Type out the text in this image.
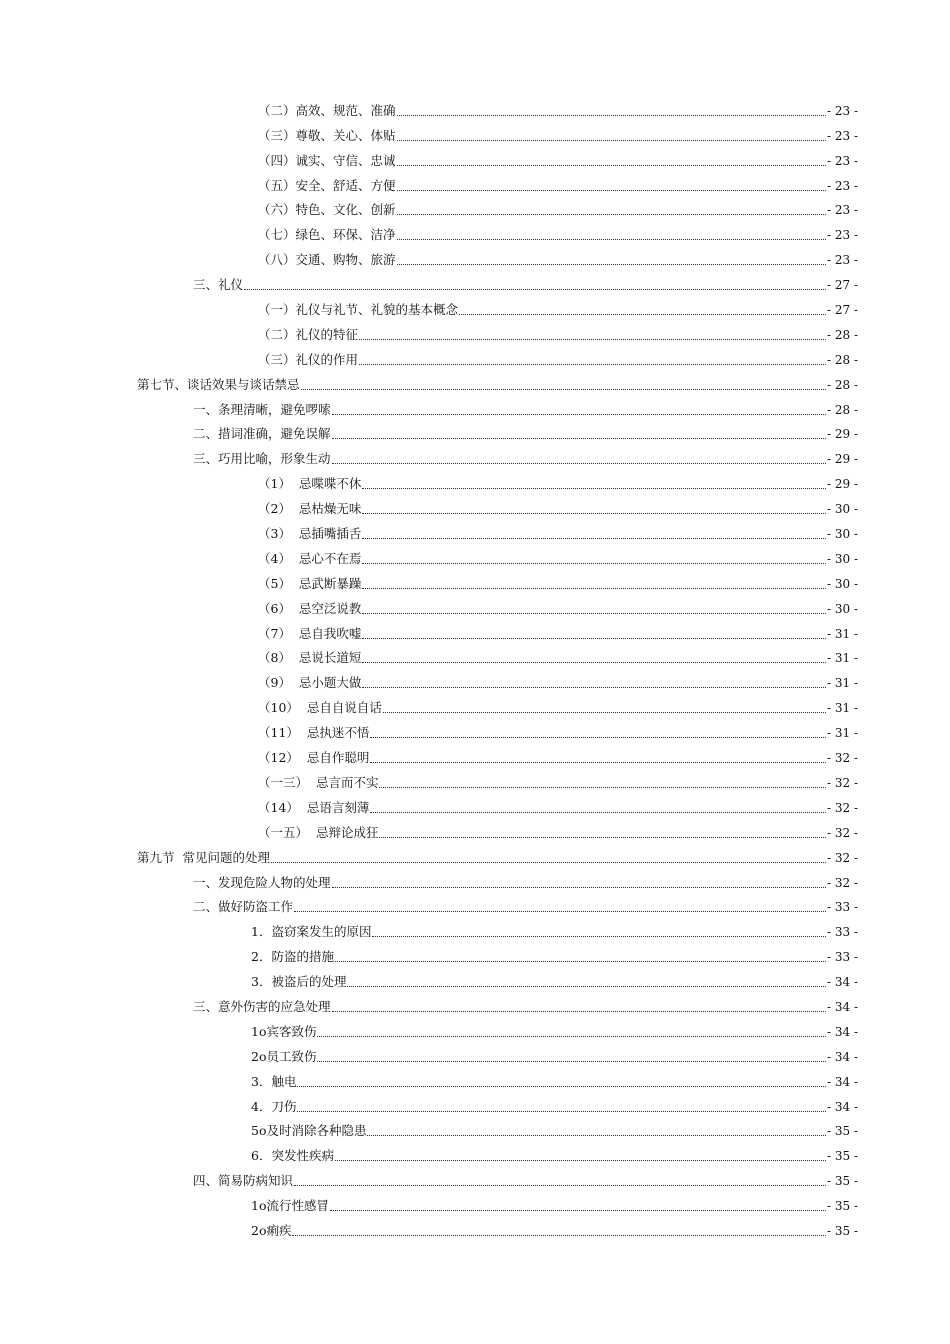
（二）高效、规范、准确	- 23 -
（三）尊敬、关心、体贴	- 23 -
（四）诚实、守信、忠诚	- 23 -
（五）安全、舒适、方便	- 23 -
（六）特色、文化、创新	- 23 -
（七）绿色、环保、洁净	- 23 -
（八）交通、购物、旅游	- 23 -
三、礼仪	- 27 -
（一）礼仪与礼节、礼貌的基本概念	- 27 -
（二）礼仪的特征	- 28 -
（三）礼仪的作用	- 28 -
第七节、谈话效果与谈话禁忌	- 28 -
一、条理清晰，避免啰嗦	- 28 -
二、措词准确，避免误解	- 29 -
三、巧用比喻，形象生动	- 29 -
（1）  忌喋喋不休	- 29 -
（2）  忌枯燥无味	- 30 -
（3）  忌插嘴插舌	- 30 -
（4）  忌心不在焉	- 30 -
（5）  忌武断暴躁	- 30 -
（6）  忌空泛说教	- 30 -
（7）  忌自我吹嘘	- 31 -
（8）  忌说长道短	- 31 -
（9）  忌小题大做	- 31 -
（10）  忌自自说自话	- 31 -
（11）  忌执迷不悟	- 31 -
（12）  忌自作聪明	- 32 -
（一三）  忌言而不实	- 32 -
（14）  忌语言刻薄	- 32 -
（一五）  忌辩论成狂	- 32 -
第九节  常见问题的处理	- 32 -
一、发现危险人物的处理	- 32 -
二、做好防盗工作	- 33 -
1．盗窃案发生的原因	- 33 -
2．防盗的措施	- 33 -
3．被盗后的处理	- 34 -
三、意外伤害的应急处理	- 34 -
1o宾客致伤	- 34 -
2o员工致伤	- 34 -
3．触电	- 34 -
4．刀伤	- 34 -
5o及时消除各种隐患	- 35 -
6．突发性疾病	- 35 -
四、简易防病知识	- 35 -
1o流行性感冒	- 35 -
2o痢疾	- 35 -
